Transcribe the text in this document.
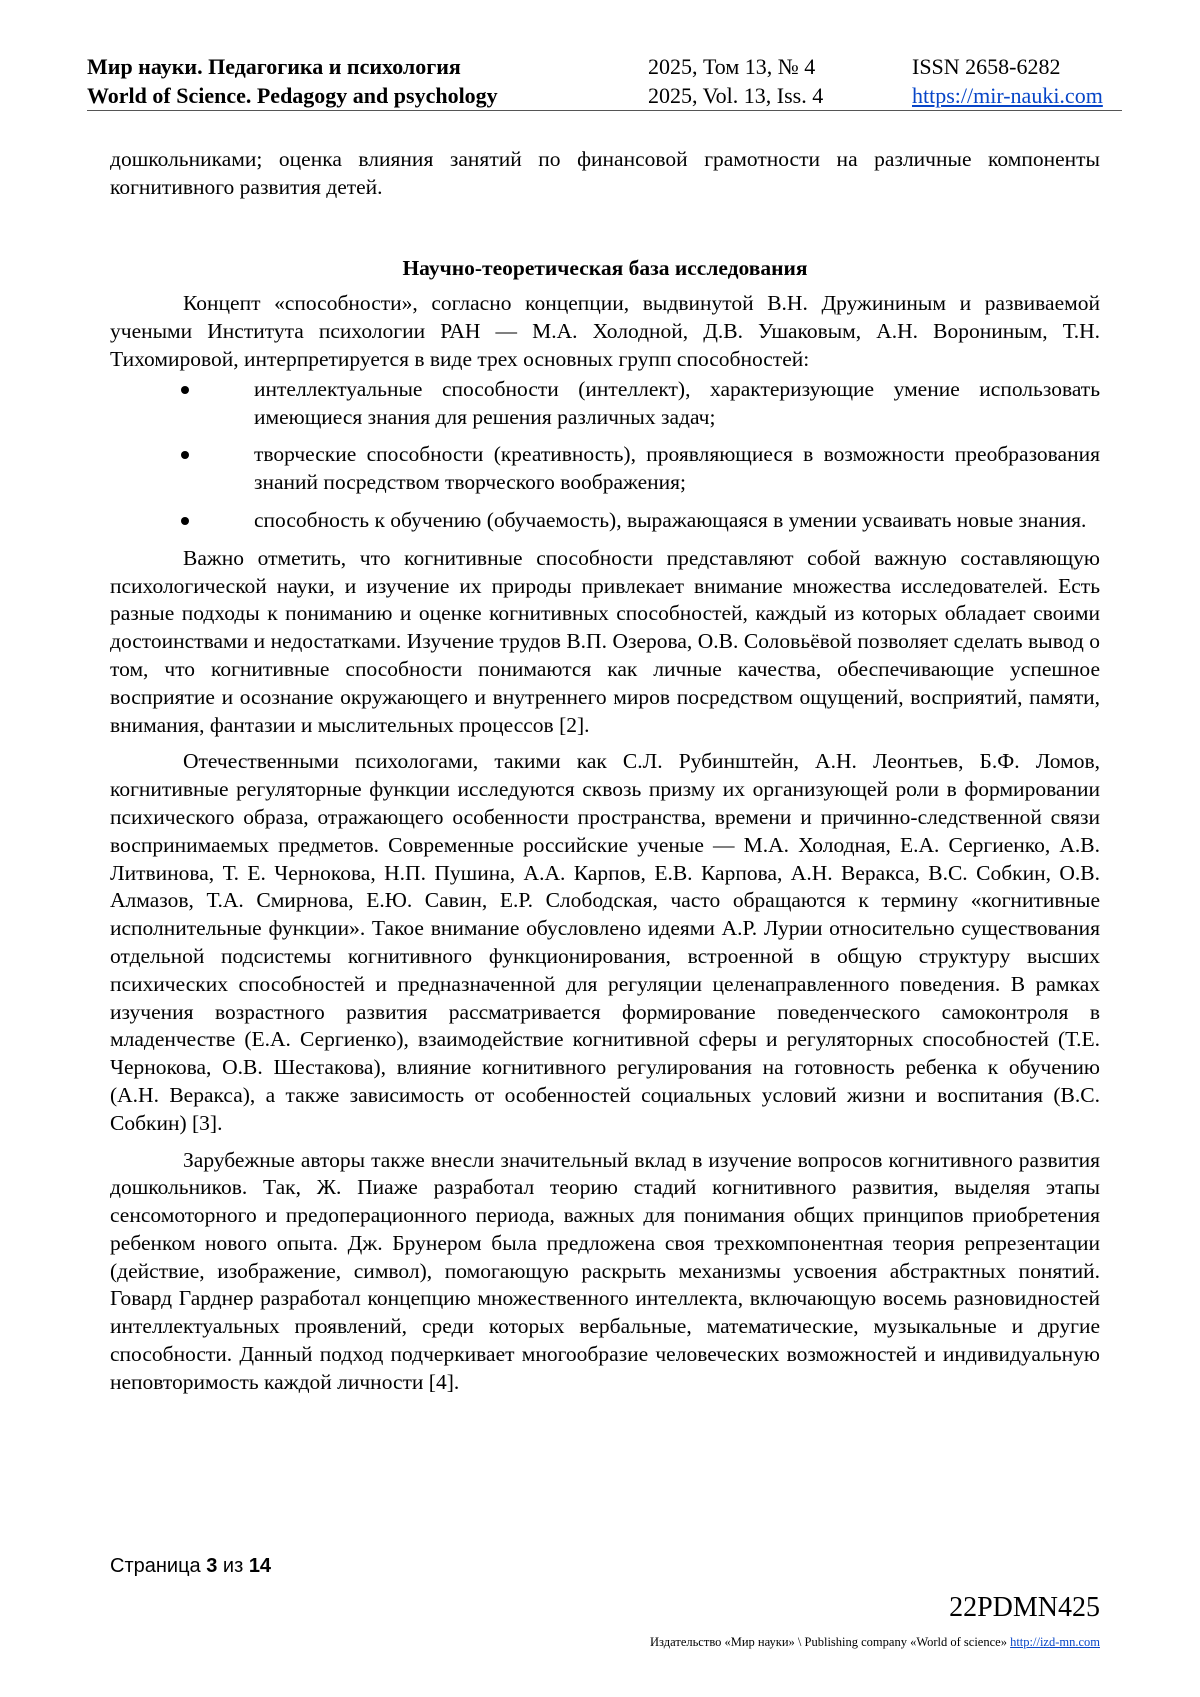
Мир науки. Педагогика и психология
World of Science. Pedagogy and psychology
2025, Том 13, № 4
2025, Vol. 13, Iss. 4
ISSN 2658-6282
https://mir-nauki.com

дошкольниками; оценка влияния занятий по финансовой грамотности на различные компоненты когнитивного развития детей.

Научно-теоретическая база исследования

Концепт «способности», согласно концепции, выдвинутой В.Н. Дружининым и развиваемой учеными Института психологии РАН — М.А. Холодной, Д.В. Ушаковым, А.Н. Ворониным, Т.Н. Тихомировой, интерпретируется в виде трех основных групп способностей:

интеллектуальные способности (интеллект), характеризующие умение использовать имеющиеся знания для решения различных задач;
творческие способности (креативность), проявляющиеся в возможности преобразования знаний посредством творческого воображения;
способность к обучению (обучаемость), выражающаяся в умении усваивать новые знания.

Важно отметить, что когнитивные способности представляют собой важную составляющую психологической науки, и изучение их природы привлекает внимание множества исследователей. Есть разные подходы к пониманию и оценке когнитивных способностей, каждый из которых обладает своими достоинствами и недостатками. Изучение трудов В.П. Озерова, О.В. Соловьёвой позволяет сделать вывод о том, что когнитивные способности понимаются как личные качества, обеспечивающие успешное восприятие и осознание окружающего и внутреннего миров посредством ощущений, восприятий, памяти, внимания, фантазии и мыслительных процессов [2].

Отечественными психологами, такими как С.Л. Рубинштейн, А.Н. Леонтьев, Б.Ф. Ломов, когнитивные регуляторные функции исследуются сквозь призму их организующей роли в формировании психического образа, отражающего особенности пространства, времени и причинно-следственной связи воспринимаемых предметов. Современные российские ученые — М.А. Холодная, Е.А. Сергиенко, А.В. Литвинова, Т. Е. Чернокова, Н.П. Пушина, А.А. Карпов, Е.В. Карпова, А.Н. Веракса, В.С. Собкин, О.В. Алмазов, Т.А. Смирнова, Е.Ю. Савин, Е.Р. Слободская, часто обращаются к термину «когнитивные исполнительные функции». Такое внимание обусловлено идеями А.Р. Лурии относительно существования отдельной подсистемы когнитивного функционирования, встроенной в общую структуру высших психических способностей и предназначенной для регуляции целенаправленного поведения. В рамках изучения возрастного развития рассматривается формирование поведенческого самоконтроля в младенчестве (Е.А. Сергиенко), взаимодействие когнитивной сферы и регуляторных способностей (Т.Е. Чернокова, О.В. Шестакова), влияние когнитивного регулирования на готовность ребенка к обучению (А.Н. Веракса), а также зависимость от особенностей социальных условий жизни и воспитания (В.С. Собкин) [3].

Зарубежные авторы также внесли значительный вклад в изучение вопросов когнитивного развития дошкольников. Так, Ж. Пиаже разработал теорию стадий когнитивного развития, выделяя этапы сенсомоторного и предоперационного периода, важных для понимания общих принципов приобретения ребенком нового опыта. Дж. Брунером была предложена своя трехкомпонентная теория репрезентации (действие, изображение, символ), помогающую раскрыть механизмы усвоения абстрактных понятий. Говард Гарднер разработал концепцию множественного интеллекта, включающую восемь разновидностей интеллектуальных проявлений, среди которых вербальные, математические, музыкальные и другие способности. Данный подход подчеркивает многообразие человеческих возможностей и индивидуальную неповторимость каждой личности [4].

Страница 3 из 14
22PDMN425
Издательство «Мир науки» \ Publishing company «World of science» http://izd-mn.com
